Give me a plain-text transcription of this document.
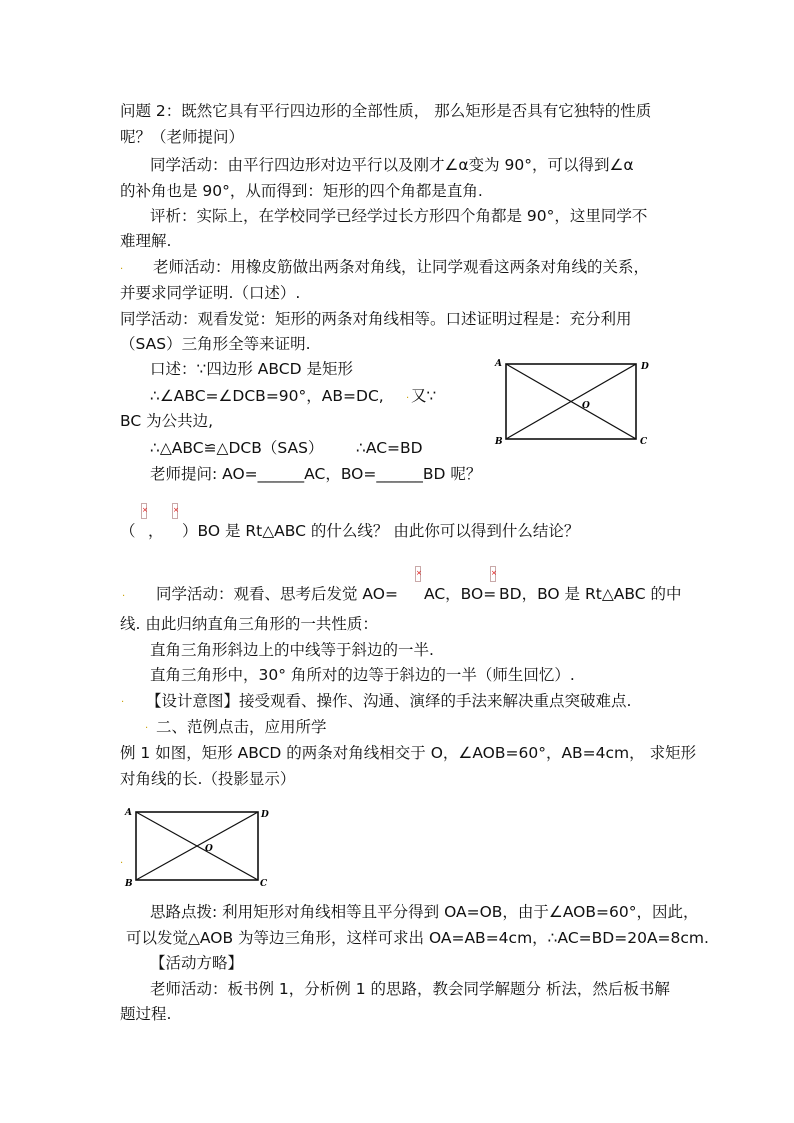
问题 2：既然它具有平行四边形的全部性质， 那么矩形是否具有它独特的性质
呢？（老师提问）
同学活动：由平行四边形对边平行以及刚才∠α变为 90°，可以得到∠α
的补角也是 90°，从而得到：矩形的四个角都是直角.
评析：实际上，在学校同学已经学过长方形四个角都是 90°，这里同学不
难理解.
. 老师活动：用橡皮筋做出两条对角线，让同学观看这两条对角线的关系，
并要求同学证明.（口述）.
同学活动：观看发觉：矩形的两条对角线相等。口述证明过程是：充分利用
（SAS）三角形全等来证明.
口述：∵四边形 ABCD 是矩形
∴∠ABC=∠DCB=90°，AB=DC, . 又∵
BC 为公共边,
∴△ABC≌△DCB（SAS） ∴AC=BD
老师提问: AO=______AC，BO=______BD 呢？
×
×
（ ， ）BO 是 Rt△ABC 的什么线？ 由此你可以得到什么结论？
. 同学活动：观看、思考后发觉 AO=
× AC，BO=
× BD，BO 是 Rt△ABC 的中
线. 由此归纳直角三角形的一共性质：
直角三角形斜边上的中线等于斜边的一半.
直角三角形中，30° 角所对的边等于斜边的一半（师生回忆）.
. 【设计意图】接受观看、操作、沟通、演绎的手法来解决重点突破难点.
. 二、范例点击，应用所学
例 1 如图，矩形 ABCD 的两条对角线相交于 O，∠AOB=60°，AB=4cm， 求矩形
对角线的长.（投影显示）
思路点拨: 利用矩形对角线相等且平分得到 OA=OB，由于∠AOB=60°，因此，
可以发觉△AOB 为等边三角形，这样可求出 OA=AB=4cm，∴AC=BD=20A=8cm.
【活动方略】
老师活动：板书例 1，分析例 1 的思路，教会同学解题分 析法，然后板书解
题过程.
A	D
B	C
O
A	D
B	C
O
.
